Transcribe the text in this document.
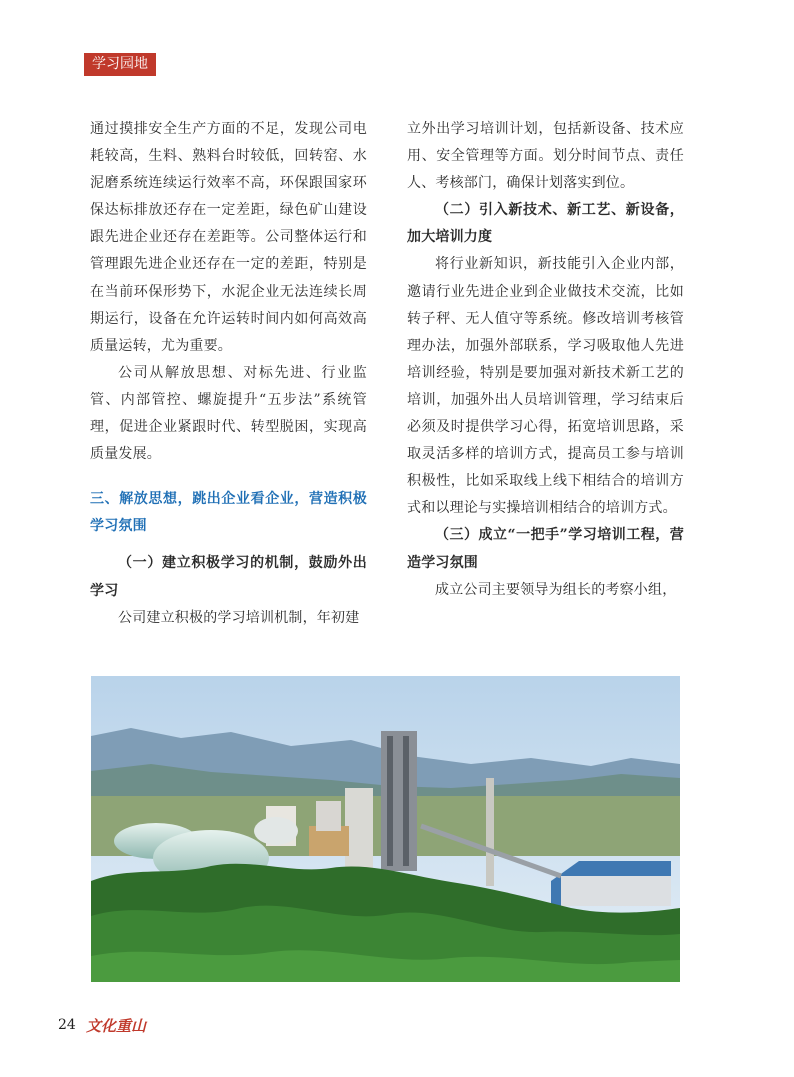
学习园地

通过摸排安全生产方面的不足，发现公司电耗较高，生料、熟料台时较低，回转窑、水泥磨系统连续运行效率不高，环保跟国家环保达标排放还存在一定差距，绿色矿山建设跟先进企业还存在差距等。公司整体运行和管理跟先进企业还存在一定的差距，特别是在当前环保形势下，水泥企业无法连续长周期运行，设备在允许运转时间内如何高效高质量运转，尤为重要。

公司从解放思想、对标先进、行业监管、内部管控、螺旋提升“五步法”系统管理，促进企业紧跟时代、转型脱困，实现高质量发展。

三、解放思想，跳出企业看企业，营造积极学习氛围

（一）建立积极学习的机制，鼓励外出学习

公司建立积极的学习培训机制，年初建

立外出学习培训计划，包括新设备、技术应用、安全管理等方面。划分时间节点、责任人、考核部门，确保计划落实到位。

（二）引入新技术、新工艺、新设备，加大培训力度

将行业新知识，新技能引入企业内部，邀请行业先进企业到企业做技术交流，比如转子秤、无人值守等系统。修改培训考核管理办法，加强外部联系，学习吸取他人先进培训经验，特别是要加强对新技术新工艺的培训，加强外出人员培训管理，学习结束后必须及时提供学习心得，拓宽培训思路，采取灵活多样的培训方式，提高员工参与培训积极性，比如采取线上线下相结合的培训方式和以理论与实操培训相结合的培训方式。

（三）成立“一把手”学习培训工程，营造学习氛围

成立公司主要领导为组长的考察小组，

24 文化重山
